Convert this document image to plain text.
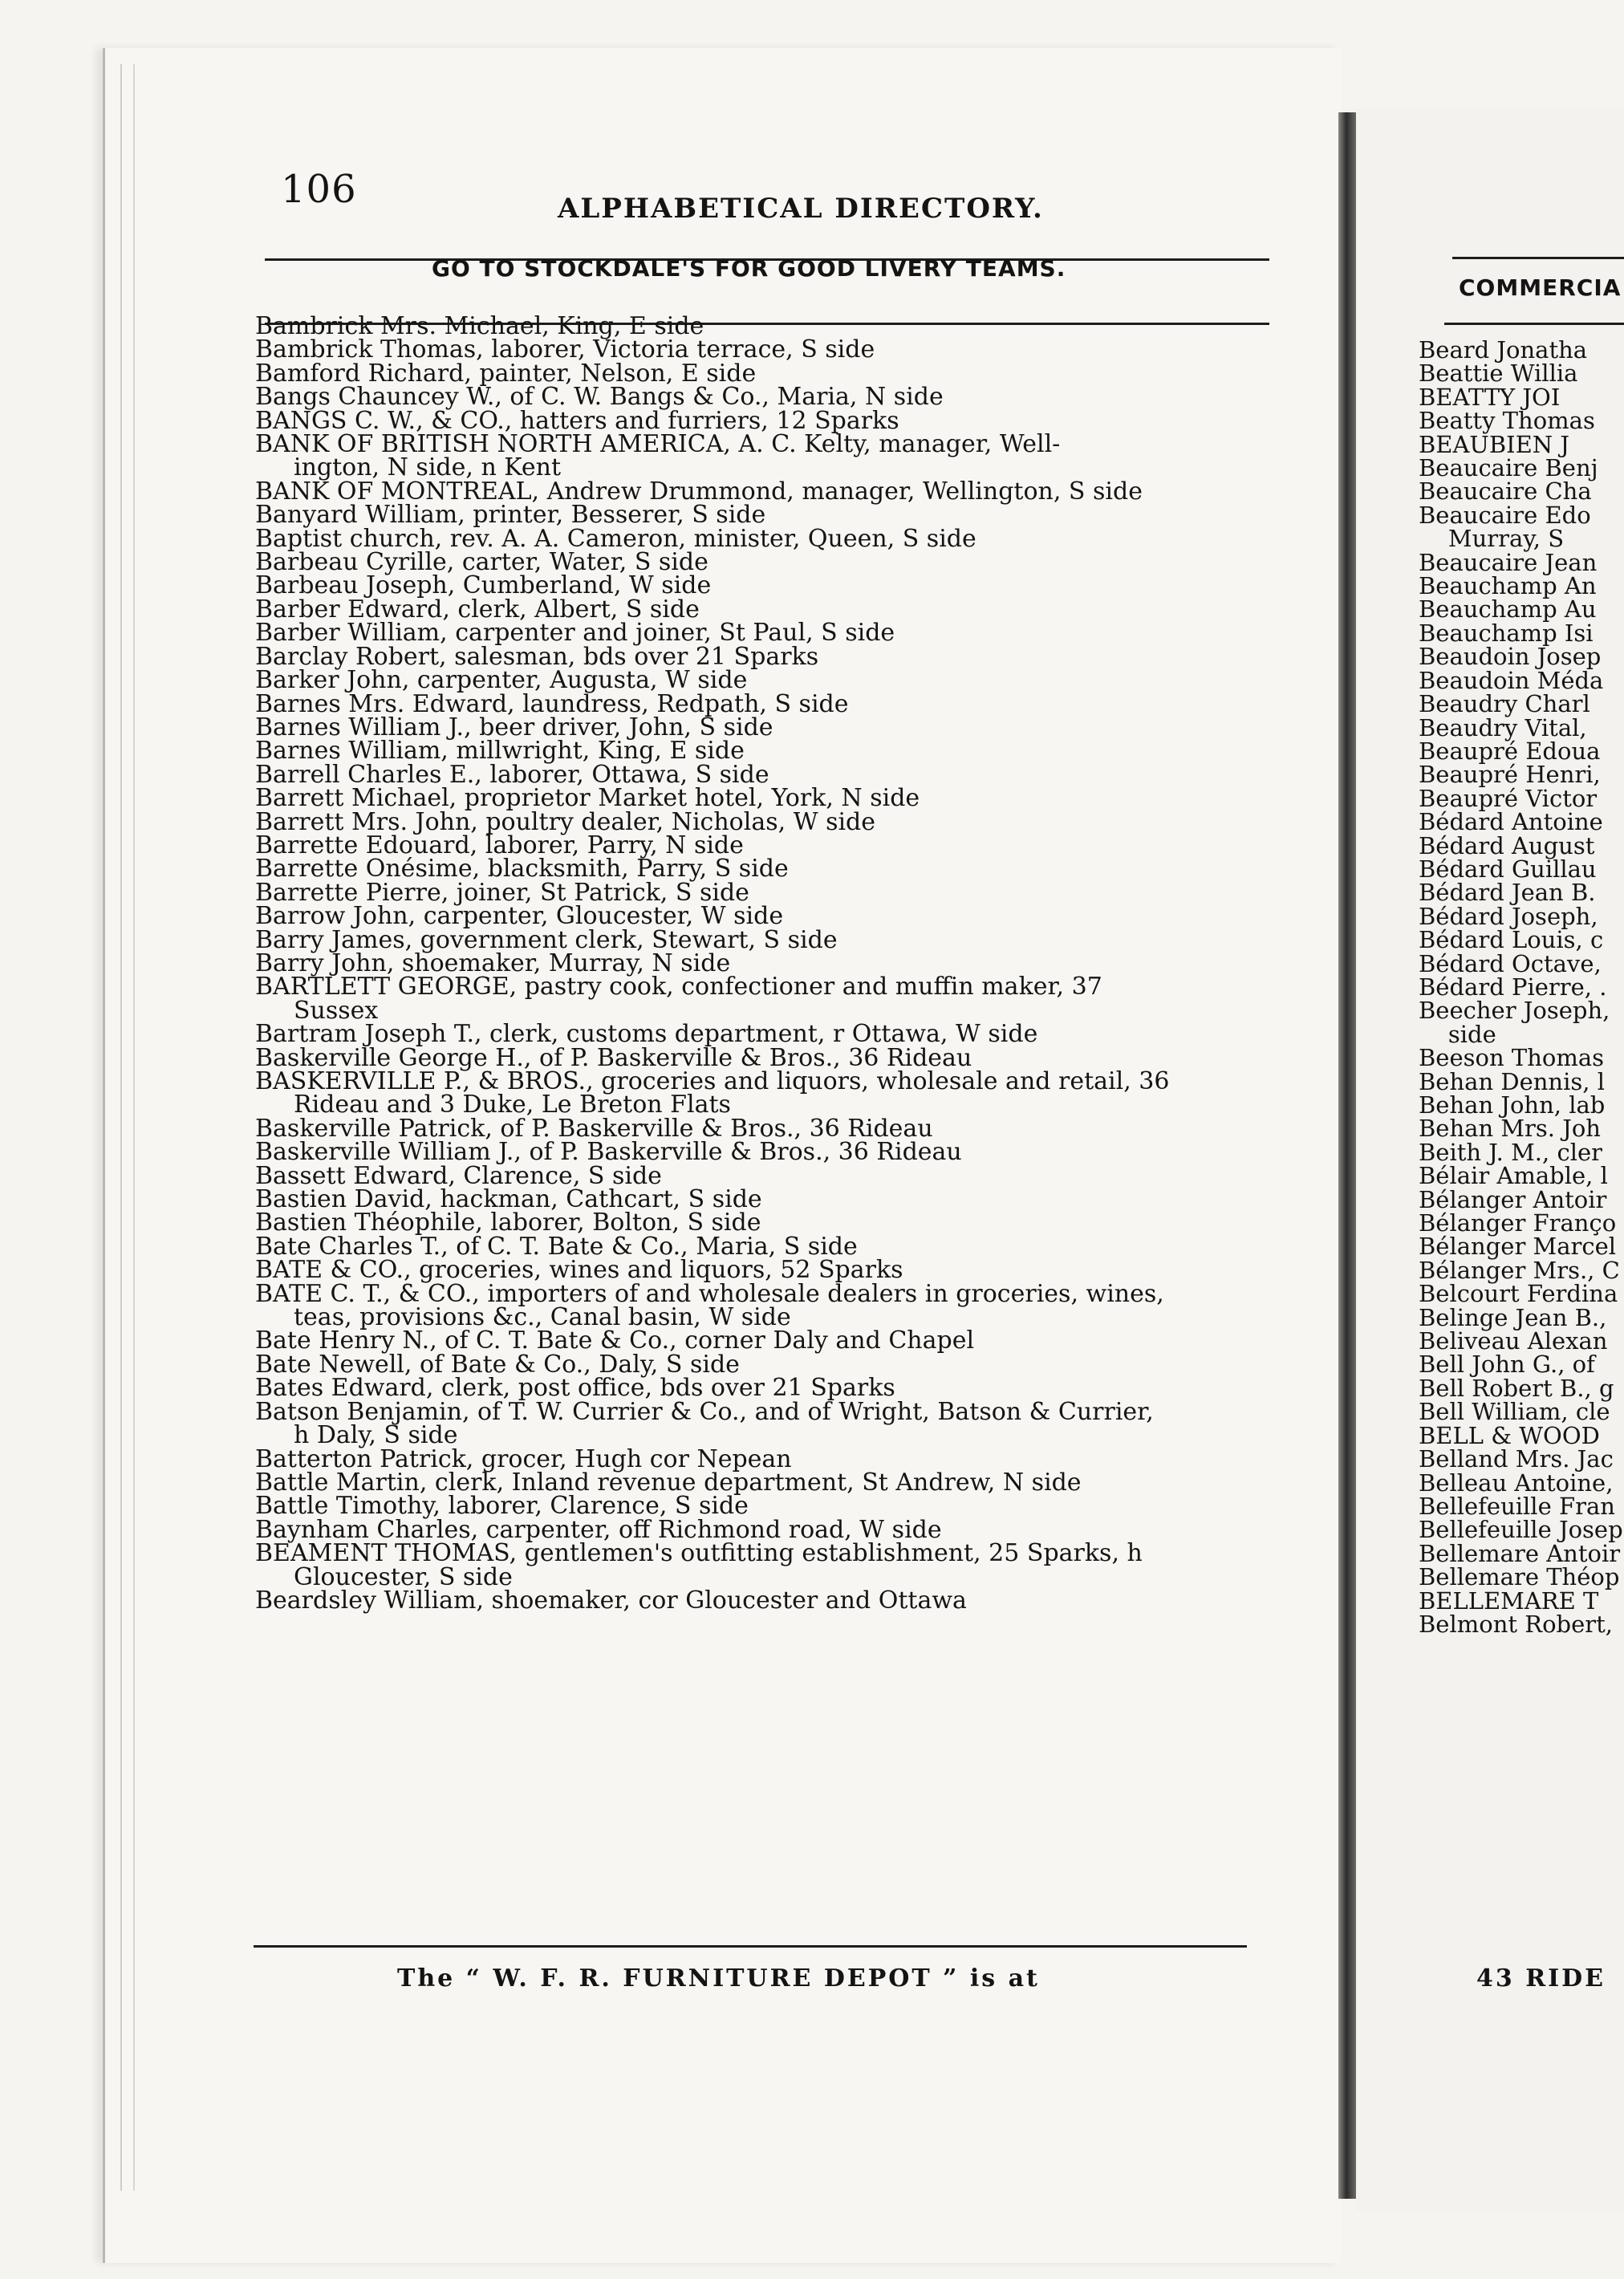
106	ALPHABETICAL DIRECTORY.
GO TO STOCKDALE'S FOR GOOD LIVERY TEAMS.

Bambrick Mrs. Michael, King, E side

Bambrick Thomas, laborer, Victoria terrace, S side

Bamford Richard, painter, Nelson, E side

Bangs Chauncey W., of C. W. Bangs & Co., Maria, N side

BANGS C. W., & CO., hatters and furriers, 12 Sparks

BANK OF BRITISH NORTH AMERICA, A. C. Kelty, manager, Well-
ington, N side, n Kent

BANK OF MONTREAL, Andrew Drummond, manager, Wellington, S side

Banyard William, printer, Besserer, S side

Baptist church, rev. A. A. Cameron, minister, Queen, S side

Barbeau Cyrille, carter, Water, S side

Barbeau Joseph, Cumberland, W side

Barber Edward, clerk, Albert, S side

Barber William, carpenter and joiner, St Paul, S side

Barclay Robert, salesman, bds over 21 Sparks

Barker John, carpenter, Augusta, W side

Barnes Mrs. Edward, laundress, Redpath, S side

Barnes William J., beer driver, John, S side

Barnes William, millwright, King, E side

Barrell Charles E., laborer, Ottawa, S side

Barrett Michael, proprietor Market hotel, York, N side

Barrett Mrs. John, poultry dealer, Nicholas, W side

Barrette Edouard, laborer, Parry, N side

Barrette Onésime, blacksmith, Parry, S side

Barrette Pierre, joiner, St Patrick, S side

Barrow John, carpenter, Gloucester, W side

Barry James, government clerk, Stewart, S side

Barry John, shoemaker, Murray, N side

BARTLETT GEORGE, pastry cook, confectioner and muffin maker, 37
Sussex

Bartram Joseph T., clerk, customs department, r Ottawa, W side

Baskerville George H., of P. Baskerville & Bros., 36 Rideau

BASKERVILLE P., & BROS., groceries and liquors, wholesale and retail, 36
Rideau and 3 Duke, Le Breton Flats

Baskerville Patrick, of P. Baskerville & Bros., 36 Rideau

Baskerville William J., of P. Baskerville & Bros., 36 Rideau

Bassett Edward, Clarence, S side

Bastien David, hackman, Cathcart, S side

Bastien Théophile, laborer, Bolton, S side

Bate Charles T., of C. T. Bate & Co., Maria, S side

BATE & CO., groceries, wines and liquors, 52 Sparks

BATE C. T., & CO., importers of and wholesale dealers in groceries, wines,
teas, provisions &c., Canal basin, W side

Bate Henry N., of C. T. Bate & Co., corner Daly and Chapel

Bate Newell, of Bate & Co., Daly, S side

Bates Edward, clerk, post office, bds over 21 Sparks

Batson Benjamin, of T. W. Currier & Co., and of Wright, Batson & Currier,
h Daly, S side

Batterton Patrick, grocer, Hugh cor Nepean

Battle Martin, clerk, Inland revenue department, St Andrew, N side

Battle Timothy, laborer, Clarence, S side

Baynham Charles, carpenter, off Richmond road, W side

BEAMENT THOMAS, gentlemen's outfitting establishment, 25 Sparks, h
Gloucester, S side

Beardsley William, shoemaker, cor Gloucester and Ottawa

The “ W. F. R. FURNITURE DEPOT ” is at
COMMERCIA

Beard Jonatha

Beattie Willia

BEATTY JOI

Beatty Thomas

BEAUBIEN J

Beaucaire Benj

Beaucaire Cha

Beaucaire Edo

Murray, S

Beaucaire Jean

Beauchamp An

Beauchamp Au

Beauchamp Isi

Beaudoin Josep

Beaudoin Méda

Beaudry Charl

Beaudry Vital,

Beaupré Edoua

Beaupré Henri,

Beaupré Victor

Bédard Antoine

Bédard August

Bédard Guillau

Bédard Jean B.

Bédard Joseph,

Bédard Louis, c

Bédard Octave,

Bédard Pierre, .

Beecher Joseph,

side

Beeson Thomas

Behan Dennis, l

Behan John, lab

Behan Mrs. Joh

Beith J. M., cler

Bélair Amable, l

Bélanger Antoir

Bélanger Franço

Bélanger Marcel

Bélanger Mrs., C

Belcourt Ferdina

Belinge Jean B.,

Beliveau Alexan

Bell John G., of

Bell Robert B., g

Bell William, cle

BELL & WOOD

Belland Mrs. Jac

Belleau Antoine,

Bellefeuille Fran

Bellefeuille Josep

Bellemare Antoir

Bellemare Théop

BELLEMARE T

Belmont Robert,

43 RIDE
